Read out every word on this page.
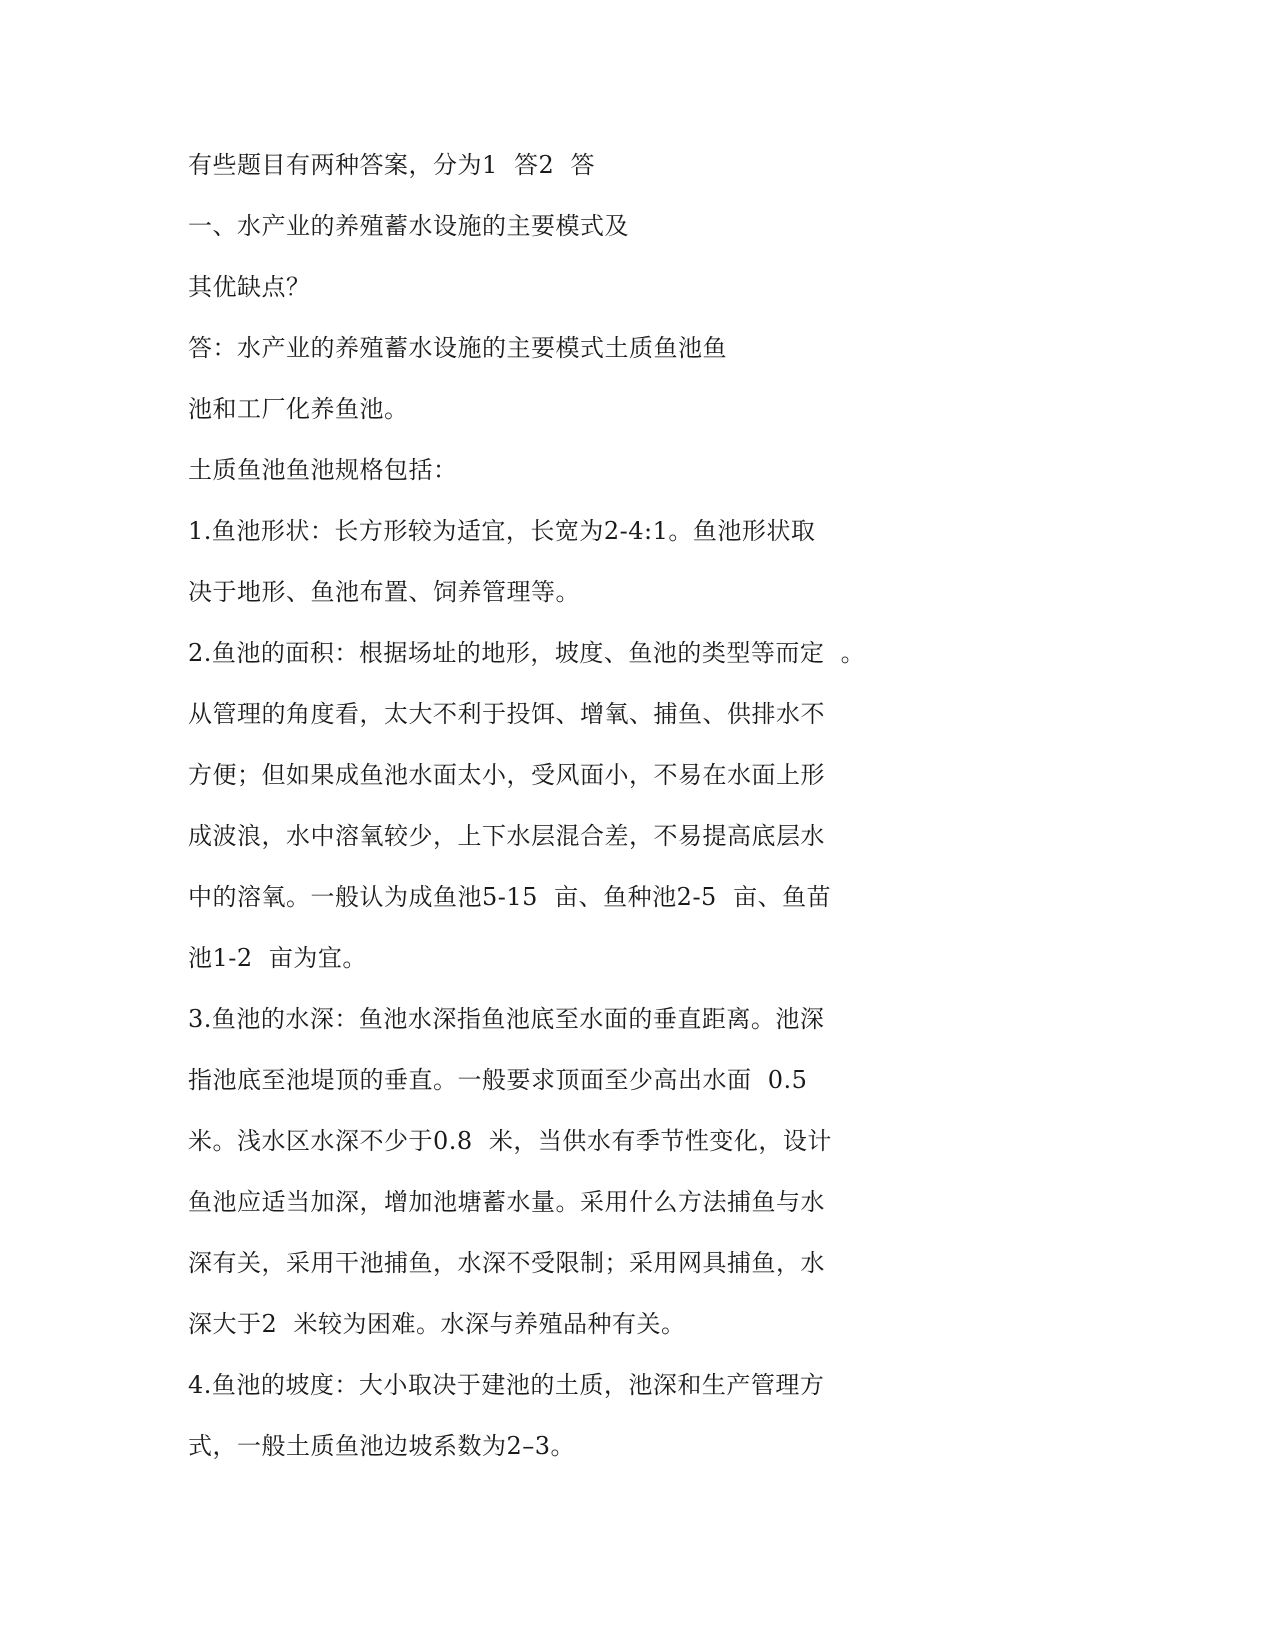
有些题目有两种答案，分为1  答2  答
一、水产业的养殖蓄水设施的主要模式及
其优缺点？
答：水产业的养殖蓄水设施的主要模式土质鱼池鱼
池和工厂化养鱼池。
土质鱼池鱼池规格包括：
1.鱼池形状：长方形较为适宜，长宽为2-4:1。鱼池形状取
决于地形、鱼池布置、饲养管理等。
2.鱼池的面积：根据场址的地形，坡度、鱼池的类型等而定  。
从管理的角度看，太大不利于投饵、增氧、捕鱼、供排水不
方便；但如果成鱼池水面太小，受风面小，不易在水面上形
成波浪，水中溶氧较少，上下水层混合差，不易提高底层水
中的溶氧。一般认为成鱼池5-15  亩、鱼种池2-5  亩、鱼苗
池1-2  亩为宜。
3.鱼池的水深：鱼池水深指鱼池底至水面的垂直距离。池深
指池底至池堤顶的垂直。一般要求顶面至少高出水面  0.5
米。浅水区水深不少于0.8  米，当供水有季节性变化，设计
鱼池应适当加深，增加池塘蓄水量。采用什么方法捕鱼与水
深有关，采用干池捕鱼，水深不受限制；采用网具捕鱼，水
深大于2  米较为困难。水深与养殖品种有关。
4.鱼池的坡度：大小取决于建池的土质，池深和生产管理方
式，一般土质鱼池边坡系数为2–3。
